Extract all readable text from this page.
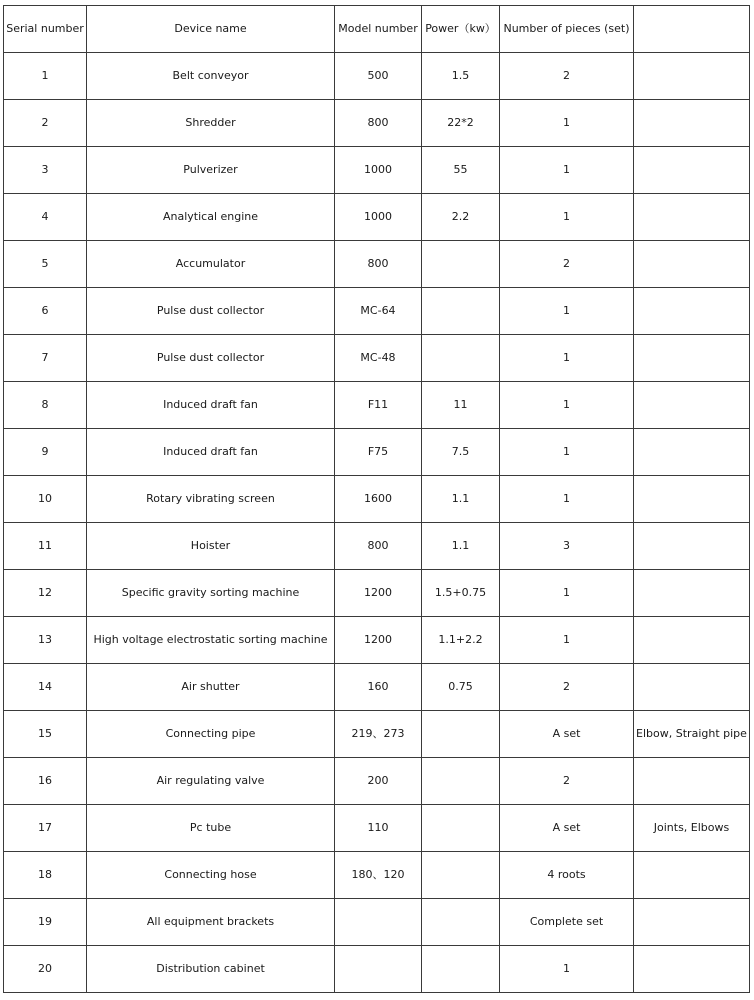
Serial number	Device name	Model number	Power（kw）	Number of pieces (set)	
1	Belt conveyor	500	1.5	2	
2	Shredder	800	22*2	1	
3	Pulverizer	1000	55	1	
4	Analytical engine	1000	2.2	1	
5	Accumulator	800		2	
6	Pulse dust collector	MC-64		1	
7	Pulse dust collector	MC-48		1	
8	Induced draft fan	F11	11	1	
9	Induced draft fan	F75	7.5	1	
10	Rotary vibrating screen	1600	1.1	1	
11	Hoister	800	1.1	3	
12	Specific gravity sorting machine	1200	1.5+0.75	1	
13	High voltage electrostatic sorting machine	1200	1.1+2.2	1	
14	Air shutter	160	0.75	2	
15	Connecting pipe	219、273		A set	Elbow, Straight pipe
16	Air regulating valve	200		2	
17	Pc tube	110		A set	Joints, Elbows
18	Connecting hose	180、120		4 roots	
19	All equipment brackets			Complete set	
20	Distribution cabinet			1	
